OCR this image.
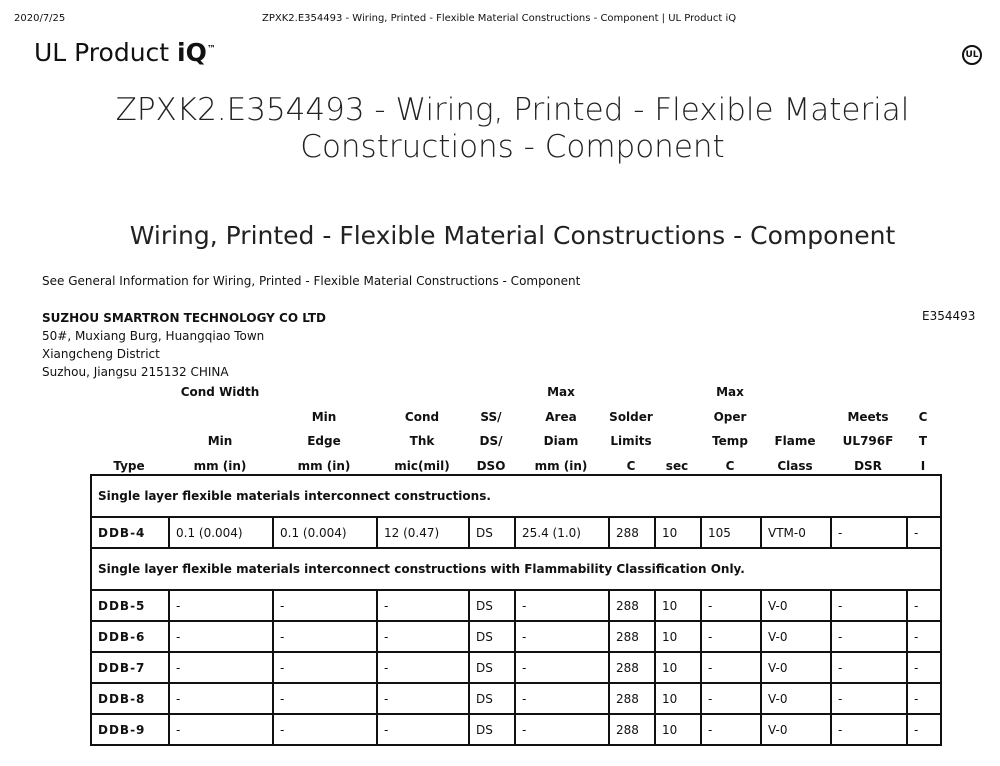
2020/7/25	ZPXK2.E354493 - Wiring, Printed - Flexible Material Constructions - Component | UL Product iQ
UL Product iQ™
UL
ZPXK2.E354493 - Wiring, Printed - Flexible Material
Constructions - Component
Wiring, Printed - Flexible Material Constructions - Component
See General Information for Wiring, Printed - Flexible Material Constructions - Component
SUZHOU SMARTRON TECHNOLOGY CO LTD
50#, Muxiang Burg, Huangqiao Town
Xiangcheng District
Suzhou, Jiangsu 215132 CHINA
E354493
	Cond Width				Max			Max			
		Min	Cond	SS/	Area	Solder		Oper		Meets	C
	Min	Edge	Thk	DS/	Diam	Limits		Temp	Flame	UL796F	T
Type	mm (in)	mm (in)	mic(mil)	DSO	mm (in)	C	sec	C	Class	DSR	I
Single layer flexible materials interconnect constructions.											
DDB-4	0.1 (0.004)	0.1 (0.004)	12 (0.47)	DS	25.4 (1.0)	288	10	105	VTM-0	-	-
Single layer flexible materials interconnect constructions with Flammability Classification Only.											
DDB-5	-	-	-	DS	-	288	10	-	V-0	-	-
DDB-6	-	-	-	DS	-	288	10	-	V-0	-	-
DDB-7	-	-	-	DS	-	288	10	-	V-0	-	-
DDB-8	-	-	-	DS	-	288	10	-	V-0	-	-
DDB-9	-	-	-	DS	-	288	10	-	V-0	-	-
